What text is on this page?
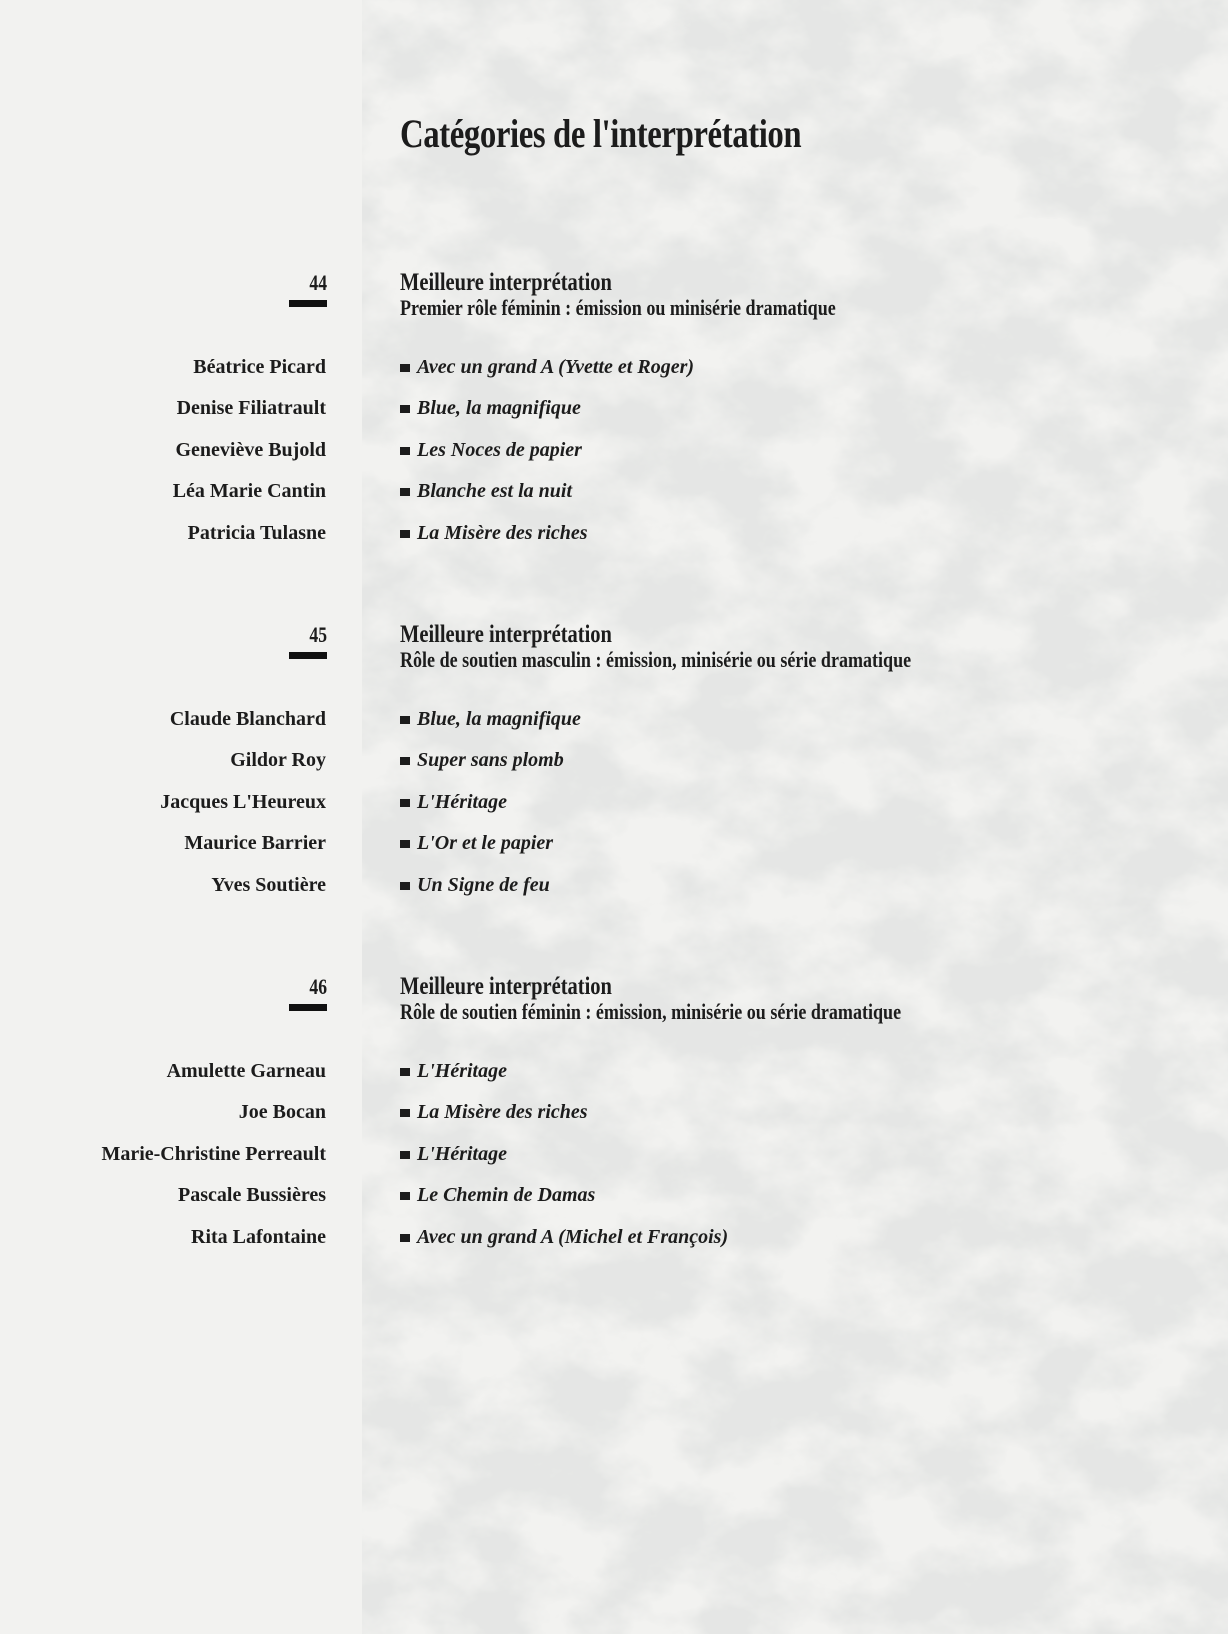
Catégories de l'interprétation
44	Meilleure interprétation
Premier rôle féminin : émission ou minisérie dramatique
Béatrice Picard	Avec un grand A (Yvette et Roger)
Denise Filiatrault	Blue, la magnifique
Geneviève Bujold	Les Noces de papier
Léa Marie Cantin	Blanche est la nuit
Patricia Tulasne	La Misère des riches
45	Meilleure interprétation
Rôle de soutien masculin : émission, minisérie ou série dramatique
Claude Blanchard	Blue, la magnifique
Gildor Roy	Super sans plomb
Jacques L'Heureux	L'Héritage
Maurice Barrier	L'Or et le papier
Yves Soutière	Un Signe de feu
46	Meilleure interprétation
Rôle de soutien féminin : émission, minisérie ou série dramatique
Amulette Garneau	L'Héritage
Joe Bocan	La Misère des riches
Marie-Christine Perreault	L'Héritage
Pascale Bussières	Le Chemin de Damas
Rita Lafontaine	Avec un grand A (Michel et François)
